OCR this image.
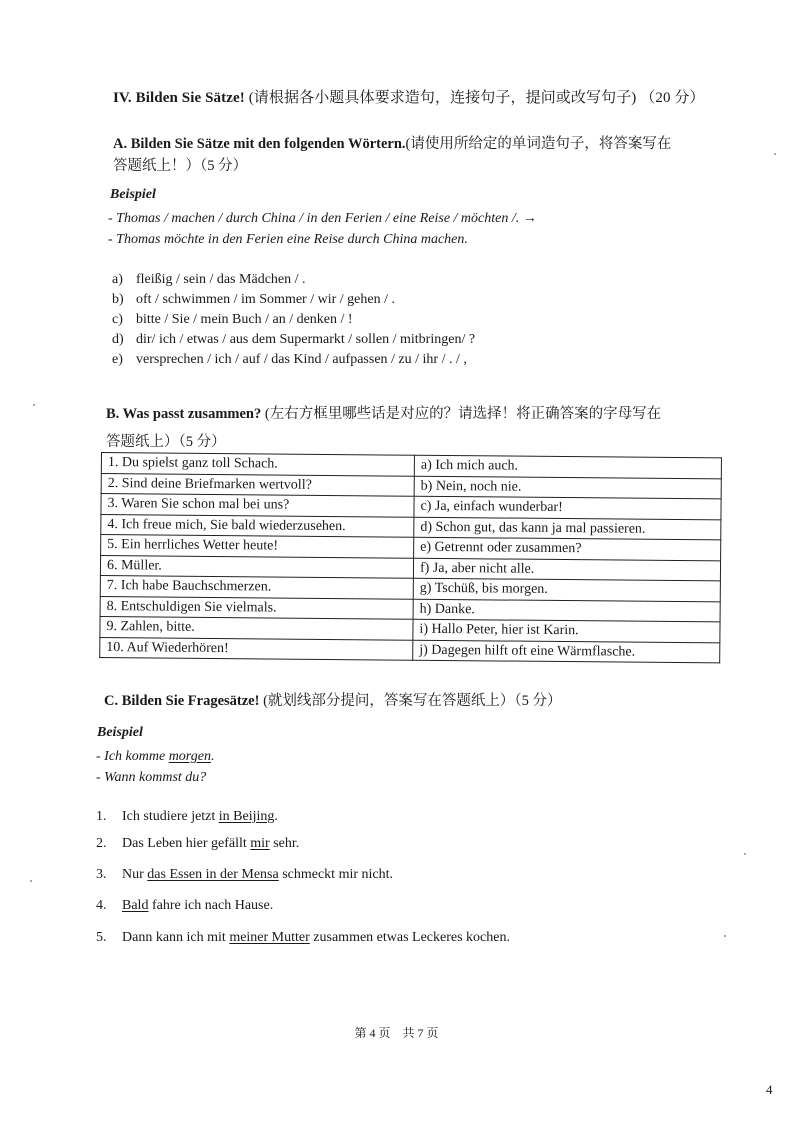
IV. Bilden Sie Sätze! (请根据各小题具体要求造句，连接句子，提问或改写句子) （20 分）
A. Bilden Sie Sätze mit den folgenden Wörtern.(请使用所给定的单词造句子，将答案写在
答题纸上！）（5 分）
Beispiel
- Thomas / machen / durch China / in den Ferien / eine Reise / möchten /. →
- Thomas möchte in den Ferien eine Reise durch China machen.
a) fleißig / sein / das Mädchen / .
b) oft / schwimmen / im Sommer / wir / gehen / .
c) bitte / Sie / mein Buch / an / denken / !
d) dir/ ich / etwas / aus dem Supermarkt / sollen / mitbringen/ ?
e) versprechen / ich / auf / das Kind / aufpassen / zu / ihr / . / ,
B. Was passt zusammen? (左右方框里哪些话是对应的？请选择！将正确答案的字母写在
答题纸上）（5 分）
1. Du spielst ganz toll Schach.	a) Ich mich auch.
2. Sind deine Briefmarken wertvoll?	b) Nein, noch nie.
3. Waren Sie schon mal bei uns?	c) Ja, einfach wunderbar!
4. Ich freue mich, Sie bald wiederzusehen.	d) Schon gut, das kann ja mal passieren.
5. Ein herrliches Wetter heute!	e) Getrennt oder zusammen?
6. Müller.	f) Ja, aber nicht alle.
7. Ich habe Bauchschmerzen.	g) Tschüß, bis morgen.
8. Entschuldigen Sie vielmals.	h) Danke.
9. Zahlen, bitte.	i) Hallo Peter, hier ist Karin.
10. Auf Wiederhören!	j) Dagegen hilft oft eine Wärmflasche.
C. Bilden Sie Fragesätze! (就划线部分提问，答案写在答题纸上）（5 分）
Beispiel
- Ich komme morgen.
- Wann kommst du?
1. Ich studiere jetzt in Beijing.
2. Das Leben hier gefällt mir sehr.
3. Nur das Essen in der Mensa schmeckt mir nicht.
4. Bald fahre ich nach Hause.
5. Dann kann ich mit meiner Mutter zusammen etwas Leckeres kochen.
第 4 页　共 7 页
4
